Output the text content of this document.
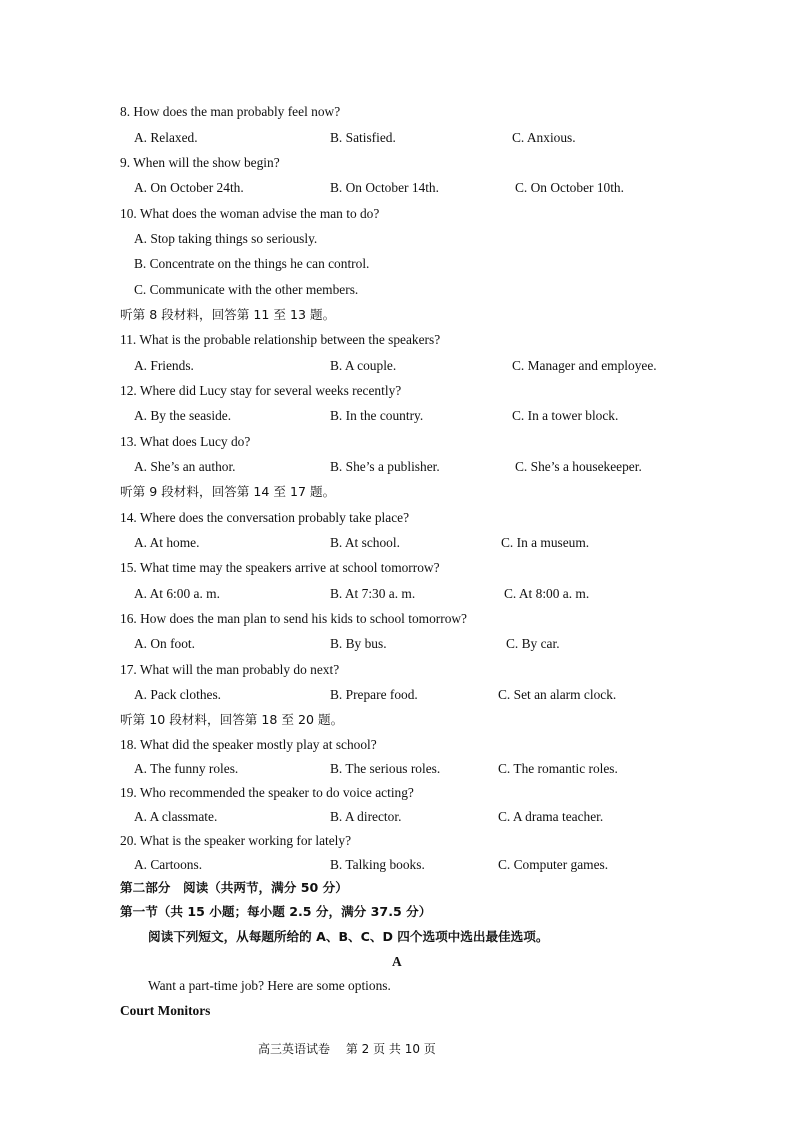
8. How does the man probably feel now?
A. Relaxed.	B. Satisfied.	C. Anxious.
9. When will the show begin?
A. On October 24th.	B. On October 14th.	C. On October 10th.
10. What does the woman advise the man to do?
A. Stop taking things so seriously.
B. Concentrate on the things he can control.
C. Communicate with the other members.
听第 8 段材料，回答第 11 至 13 题。
11. What is the probable relationship between the speakers?
A. Friends.	B. A couple.	C. Manager and employee.
12. Where did Lucy stay for several weeks recently?
A. By the seaside.	B. In the country.	C. In a tower block.
13. What does Lucy do?
A. She’s an author.	B. She’s a publisher.	C. She’s a housekeeper.
听第 9 段材料，回答第 14 至 17 题。
14. Where does the conversation probably take place?
A. At home.	B. At school.	C. In a museum.
15. What time may the speakers arrive at school tomorrow?
A. At 6:00 a. m.	B. At 7:30 a. m.	C. At 8:00 a. m.
16. How does the man plan to send his kids to school tomorrow?
A. On foot.	B. By bus.	C. By car.
17. What will the man probably do next?
A. Pack clothes.	B. Prepare food.	C. Set an alarm clock.
听第 10 段材料，回答第 18 至 20 题。
18. What did the speaker mostly play at school?
A. The funny roles.	B. The serious roles.	C. The romantic roles.
19. Who recommended the speaker to do voice acting?
A. A classmate.	B. A director.	C. A drama teacher.
20. What is the speaker working for lately?
A. Cartoons.	B. Talking books.	C. Computer games.
第二部分　阅读（共两节，满分 50 分）
第一节（共 15 小题；每小题 2.5 分，满分 37.5 分）
阅读下列短文，从每题所给的 A、B、C、D 四个选项中选出最佳选项。
A
Want a part-time job? Here are some options.
Court Monitors
高三英语试卷　 第 2 页 共 10 页
